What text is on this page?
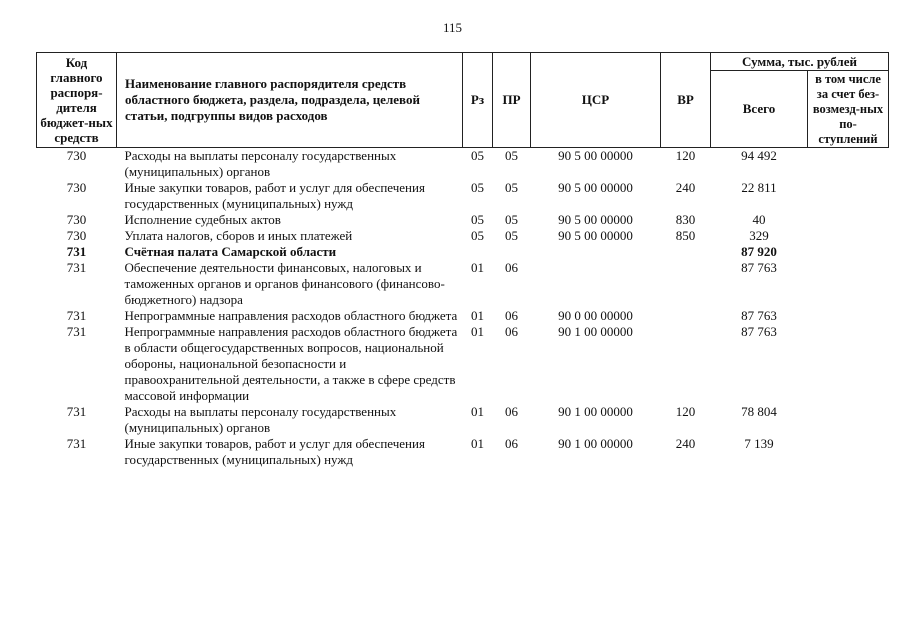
115
Код главного распоря-дителя бюджет-ных средств	Наименование главного распорядителя средств областного бюджета, раздела, подраздела, целевой статьи, подгруппы видов расходов	Рз	ПР	ЦСР	ВР	Сумма, тыс. рублей	
						Всего	в том числе за счет без-возмезд-ных по-ступлений
730	Расходы на выплаты персоналу государственных (муниципальных) органов	05	05	90 5 00 00000	120	94 492	
730	Иные закупки товаров, работ и услуг для обеспечения государственных (муниципальных) нужд	05	05	90 5 00 00000	240	22 811	
730	Исполнение судебных актов	05	05	90 5 00 00000	830	40	
730	Уплата налогов, сборов и иных платежей	05	05	90 5 00 00000	850	329	
731	Счётная палата Самарской области					87 920	
731	Обеспечение деятельности финансовых, налоговых и таможенных органов и органов финансового (финансово-бюджетного) надзора	01	06			87 763	
731	Непрограммные направления расходов областного бюджета	01	06	90 0 00 00000		87 763	
731	Непрограммные направления расходов областного бюджета в области общегосударственных вопросов, национальной обороны, национальной безопасности и правоохранительной деятельности, а также в сфере средств массовой информации	01	06	90 1 00 00000		87 763	
731	Расходы на выплаты персоналу государственных (муниципальных) органов	01	06	90 1 00 00000	120	78 804	
731	Иные закупки товаров, работ и услуг для обеспечения государственных (муниципальных) нужд	01	06	90 1 00 00000	240	7 139	
